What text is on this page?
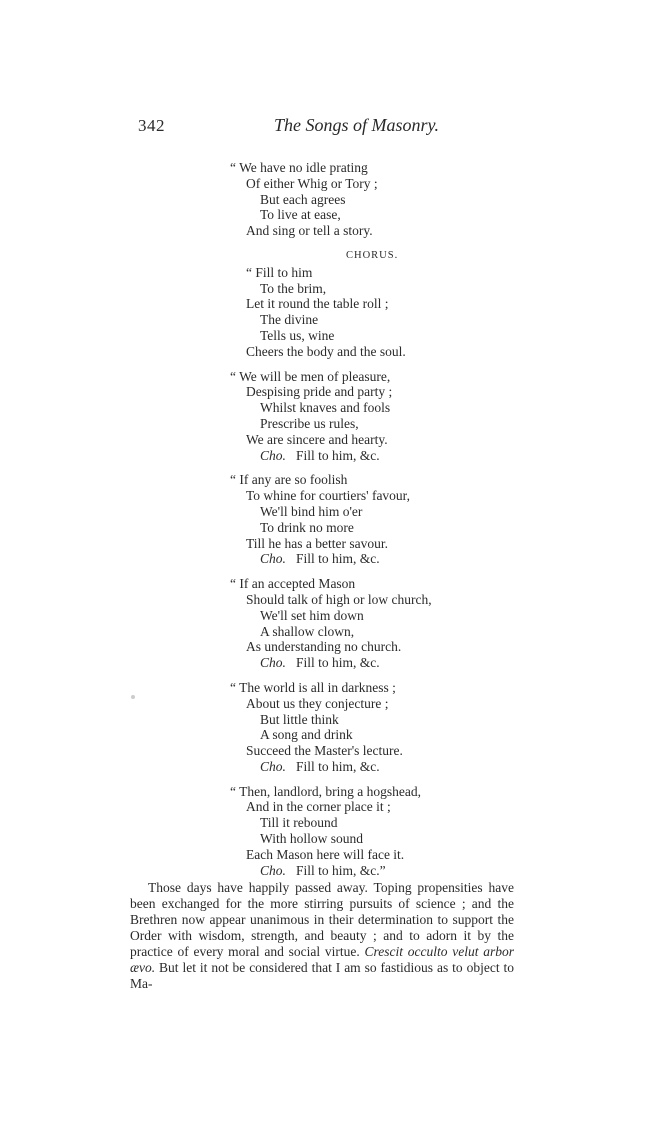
342	The Songs of Masonry.
“ We have no idle prating
Of either Whig or Tory ;
But each agrees
To live at ease,
And sing or tell a story.
CHORUS.
“ Fill to him
To the brim,
Let it round the table roll ;
The divine
Tells us, wine
Cheers the body and the soul.
“ We will be men of pleasure,
Despising pride and party ;
Whilst knaves and fools
Prescribe us rules,
We are sincere and hearty.
Cho. Fill to him, &c.
“ If any are so foolish
To whine for courtiers' favour,
We'll bind him o'er
To drink no more
Till he has a better savour.
Cho. Fill to him, &c.
“ If an accepted Mason
Should talk of high or low church,
We'll set him down
A shallow clown,
As understanding no church.
Cho. Fill to him, &c.
“ The world is all in darkness ;
About us they conjecture ;
But little think
A song and drink
Succeed the Master's lecture.
Cho. Fill to him, &c.
“ Then, landlord, bring a hogshead,
And in the corner place it ;
Till it rebound
With hollow sound
Each Mason here will face it.
Cho. Fill to him, &c.”

Those days have happily passed away. Toping propensities have been exchanged for the more stirring pursuits of science ; and the Brethren now appear unanimous in their determination to support the Order with wisdom, strength, and beauty ; and to adorn it by the practice of every moral and social virtue. Crescit occulto velut arbor ævo. But let it not be considered that I am so fastidious as to object to Ma-
